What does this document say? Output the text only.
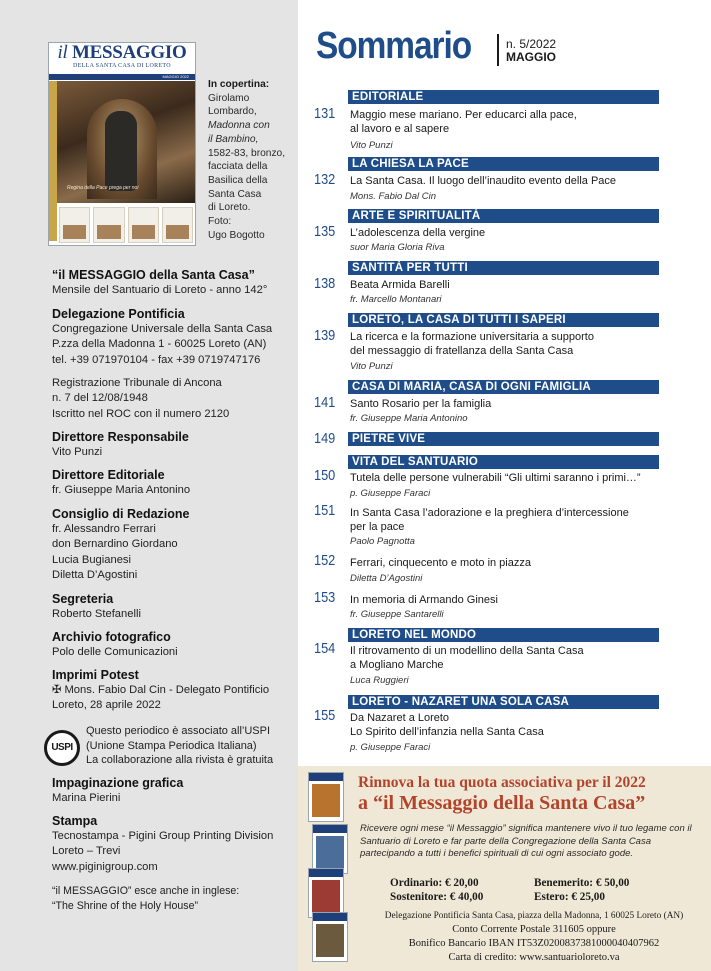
il MESSAGGIO
DELLA SANTA CASA DI LORETO
MAGGIO 2022
Regina della Pace prega per noi
In copertina:
Girolamo
Lombardo,
Madonna con
il Bambino,
1582-83, bronzo,
facciata della
Basilica della
Santa Casa
di Loreto.
Foto:
Ugo Bogotto
“il MESSAGGIO della Santa Casa”
Mensile del Santuario di Loreto - anno 142°
Delegazione Pontificia
Congregazione Universale della Santa Casa
P.zza della Madonna 1 - 60025 Loreto (AN)
tel. +39 071970104 - fax +39 0719747176
Registrazione Tribunale di Ancona
n. 7 del 12/08/1948
Iscritto nel ROC con il numero 2120
Direttore Responsabile
Vito Punzi
Direttore Editoriale
fr. Giuseppe Maria Antonino
Consiglio di Redazione
fr. Alessandro Ferrari
don Bernardino Giordano
Lucia Bugianesi
Diletta D’Agostini
Segreteria
Roberto Stefanelli
Archivio fotografico
Polo delle Comunicazioni
Imprimi Potest
✠ Mons. Fabio Dal Cin - Delegato Pontificio
Loreto, 28 aprile 2022
USPI
Questo periodico è associato all’USPI
(Unione Stampa Periodica Italiana)
La collaborazione alla rivista è gratuita
Impaginazione grafica
Marina Pierini
Stampa
Tecnostampa - Pigini Group Printing Division
Loreto – Trevi
www.piginigroup.com
“il MESSAGGIO” esce anche in inglese:
“The Shrine of the Holy House”
Sommario	n. 5/2022
MAGGIO
EDITORIALE
131 Maggio mese mariano. Per educarci alla pace,
al lavoro e al sapere
Vito Punzi
LA CHIESA LA PACE
132 La Santa Casa. Il luogo dell’inaudito evento della Pace
Mons. Fabio Dal Cin
ARTE E SPIRITUALITÀ
135 L’adolescenza della vergine
suor Maria Gloria Riva
SANTITÀ PER TUTTI
138 Beata Armida Barelli
fr. Marcello Montanari
LORETO, LA CASA DI TUTTI I SAPERI
139 La ricerca e la formazione universitaria a supporto
del messaggio di fratellanza della Santa Casa
Vito Punzi
CASA DI MARIA, CASA DI OGNI FAMIGLIA
141 Santo Rosario per la famiglia
fr. Giuseppe Maria Antonino
149	PIETRE VIVE
VITA DEL SANTUARIO
150 Tutela delle persone vulnerabili “Gli ultimi saranno i primi…”
p. Giuseppe Faraci
151 In Santa Casa l’adorazione e la preghiera d’intercessione
per la pace
Paolo Pagnotta
152 Ferrari, cinquecento e moto in piazza
Diletta D’Agostini
153 In memoria di Armando Ginesi
fr. Giuseppe Santarelli
LORETO NEL MONDO
154 Il ritrovamento di un modellino della Santa Casa
a Mogliano Marche
Luca Ruggieri
LORETO - NAZARET UNA SOLA CASA
155 Da Nazaret a Loreto
Lo Spirito dell’infanzia nella Santa Casa
p. Giuseppe Faraci
Rinnova la tua quota associativa per il 2022
a “il Messaggio della Santa Casa”
Ricevere ogni mese “il Messaggio” significa mantenere vivo il tuo legame con il Santuario di Loreto e far parte della Congregazione della Santa Casa partecipando a tutti i benefici spirituali di cui ogni associato gode.
Ordinario: € 20,00
Sostenitore: € 40,00
Benemerito: € 50,00
Estero: € 25,00
Delegazione Pontificia Santa Casa, piazza della Madonna, 1 60025 Loreto (AN)
Conto Corrente Postale 311605 oppure
Bonifico Bancario IBAN IT53Z0200837381000040407962
Carta di credito: www.santuarioloreto.va
